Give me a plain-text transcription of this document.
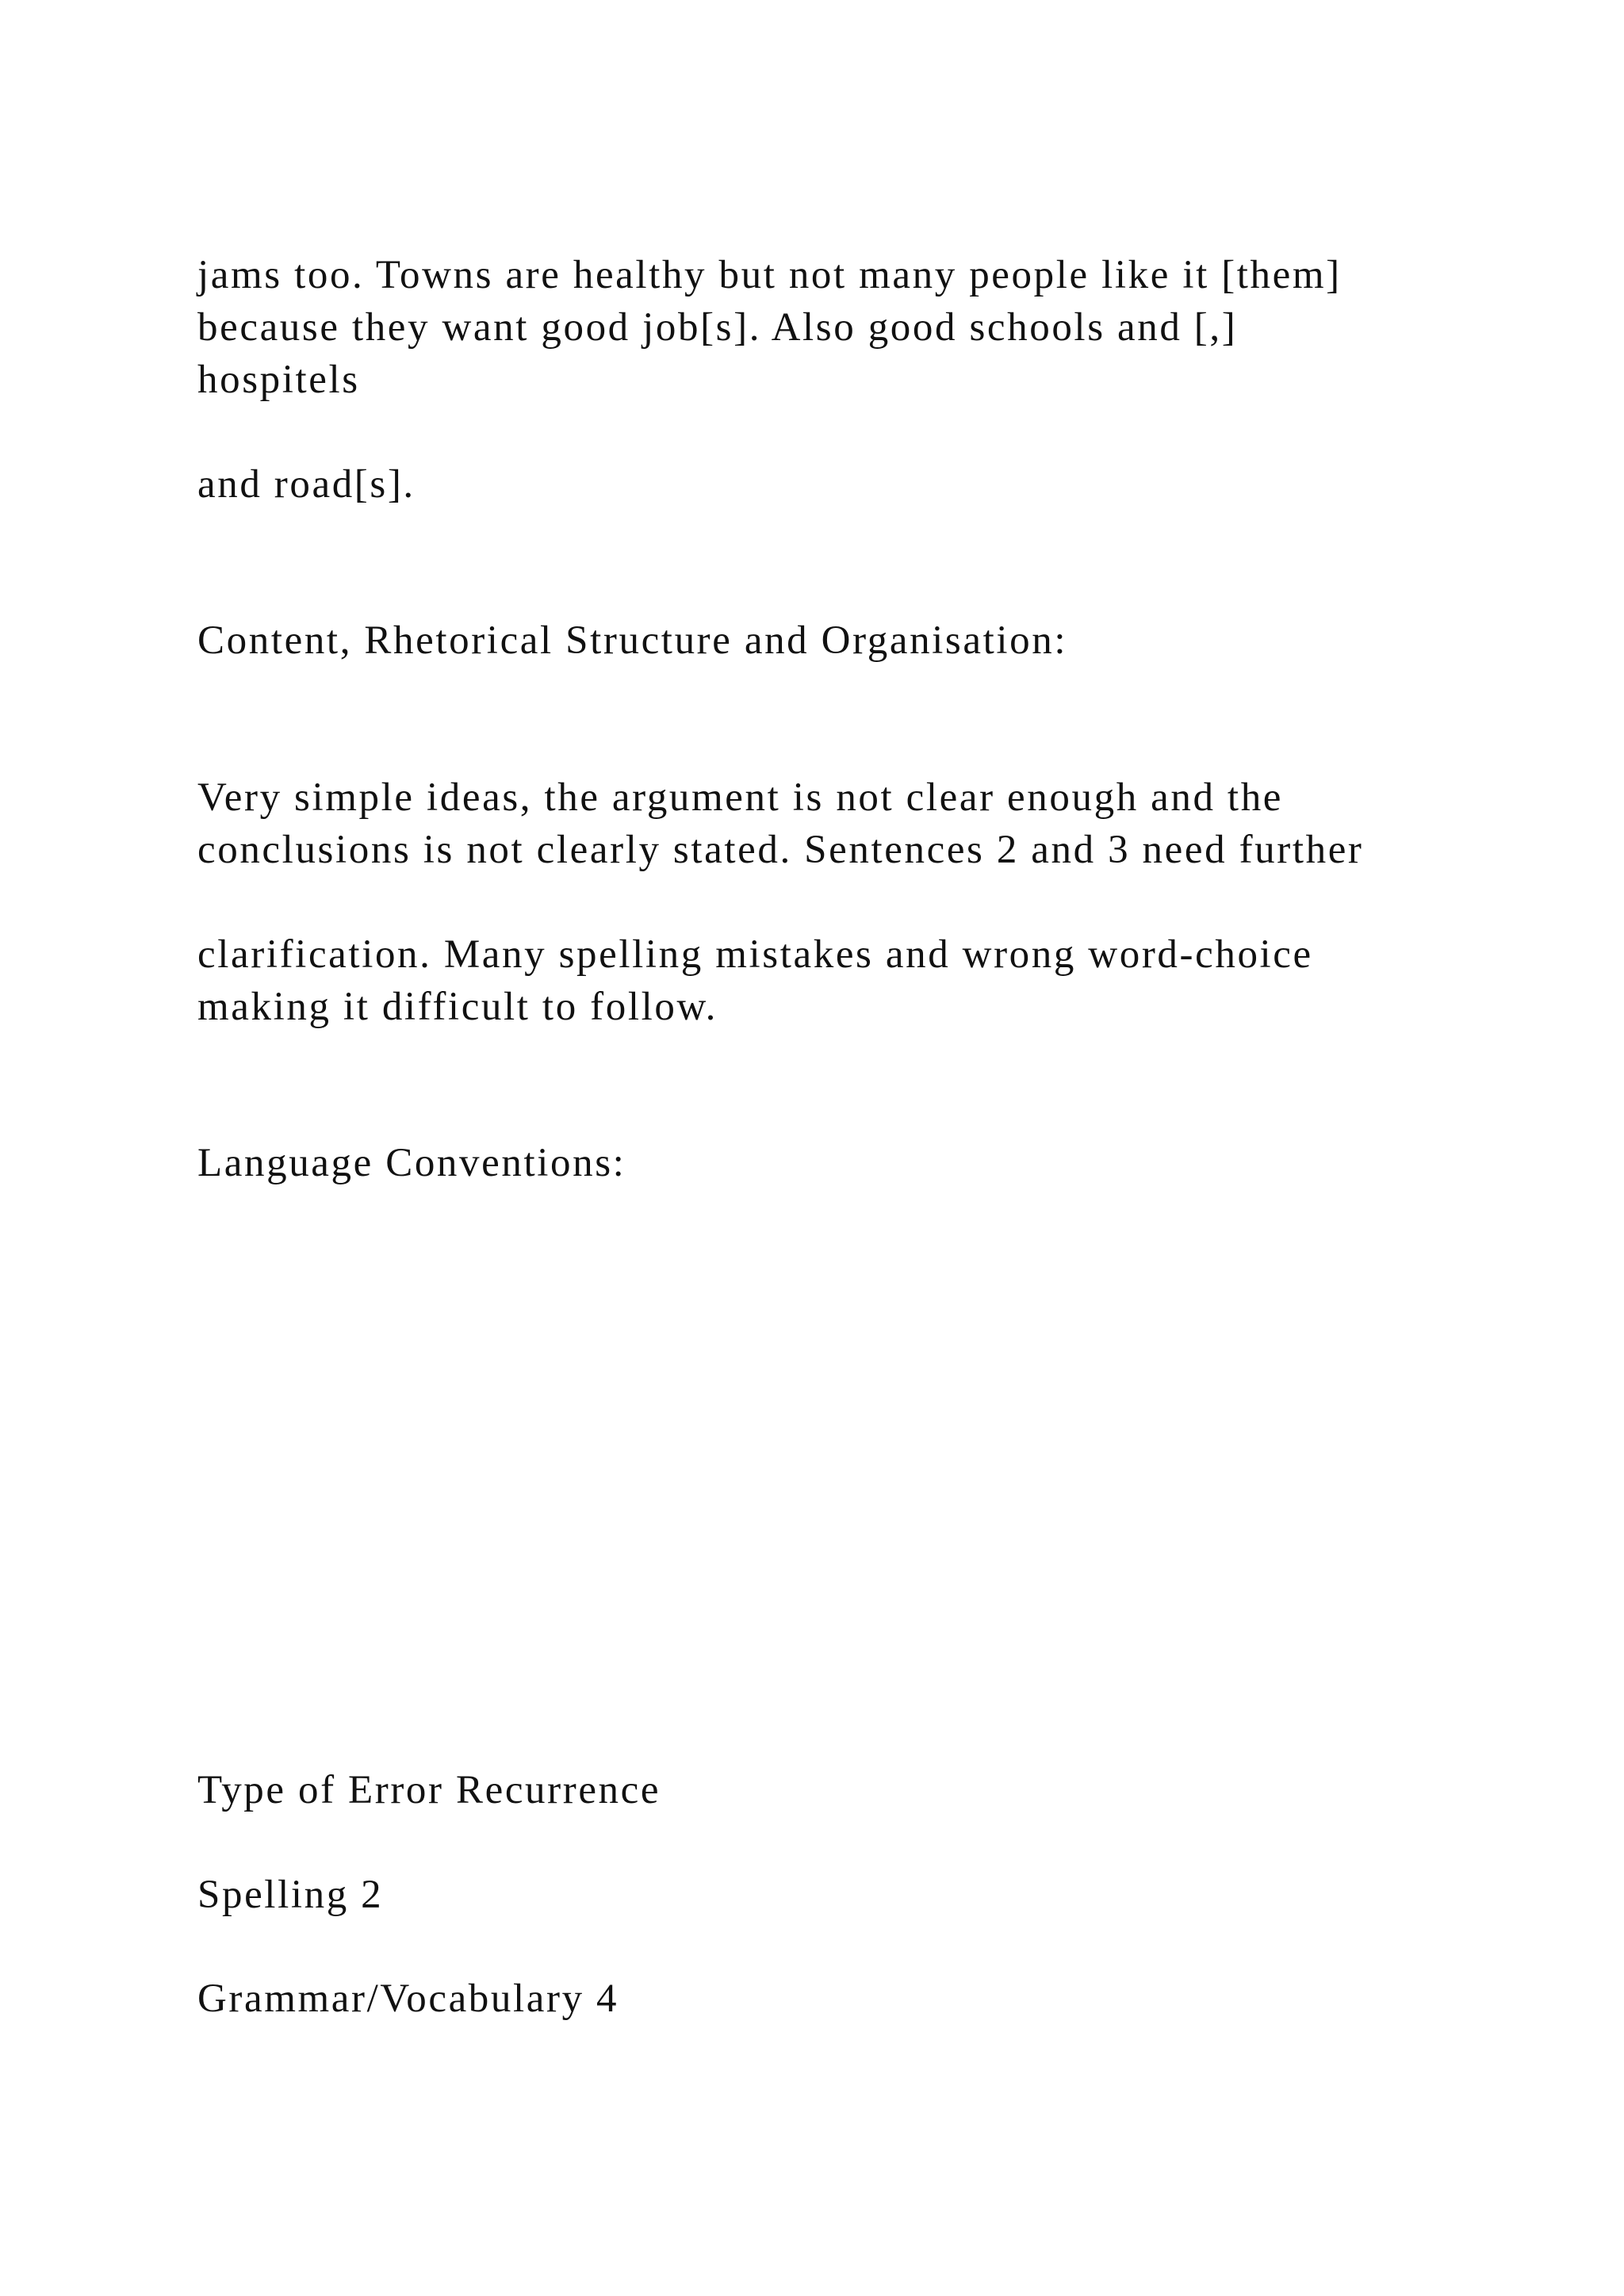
jams too. Towns are healthy but not many people like it [them]

because they want good job[s]. Also good schools and [,]

hospitels

and road[s].

Content, Rhetorical Structure and Organisation:

Very simple ideas, the argument is not clear enough and the

conclusions is not clearly stated. Sentences 2 and 3 need further

clarification. Many spelling mistakes and wrong word-choice

making it difficult to follow.

Language Conventions:

Type of Error Recurrence

Spelling 2

Grammar/Vocabulary 4
